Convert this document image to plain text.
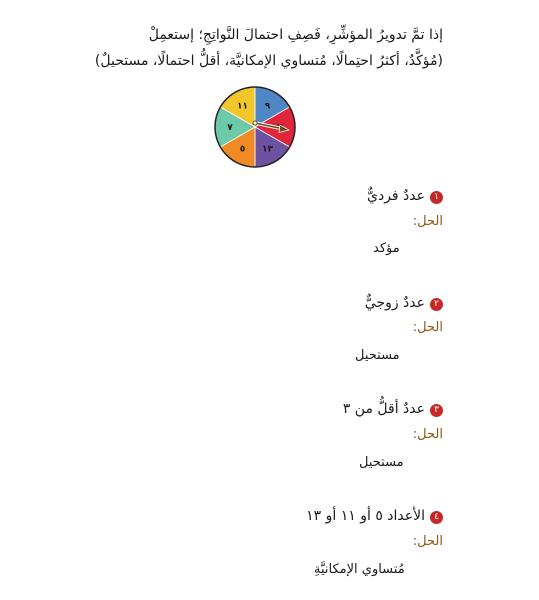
إذا تمَّ تدويرُ المؤشِّرِ، فَصِفِ احتمالَ النَّواتِجِ؛ إستعمِلْ
(مُؤكَّدٌ، أكثرُ احتِمالًا، مُتساوي الإمكانيَّة، أقلُّ احتمالًا، مستحيلٌ)
٩
١٣
٥
٧
١١
١عددٌ فرديٌّ
الحل:
مؤكد
٢عددٌ زوجيٌّ
الحل:
مستحيل
٣عددٌ أقلُّ من ٣
الحل:
مستحيل
٤الأعداد ٥ أو ١١ أو ١٣
الحل:
مُتساوي الإمكانيَّةِ
